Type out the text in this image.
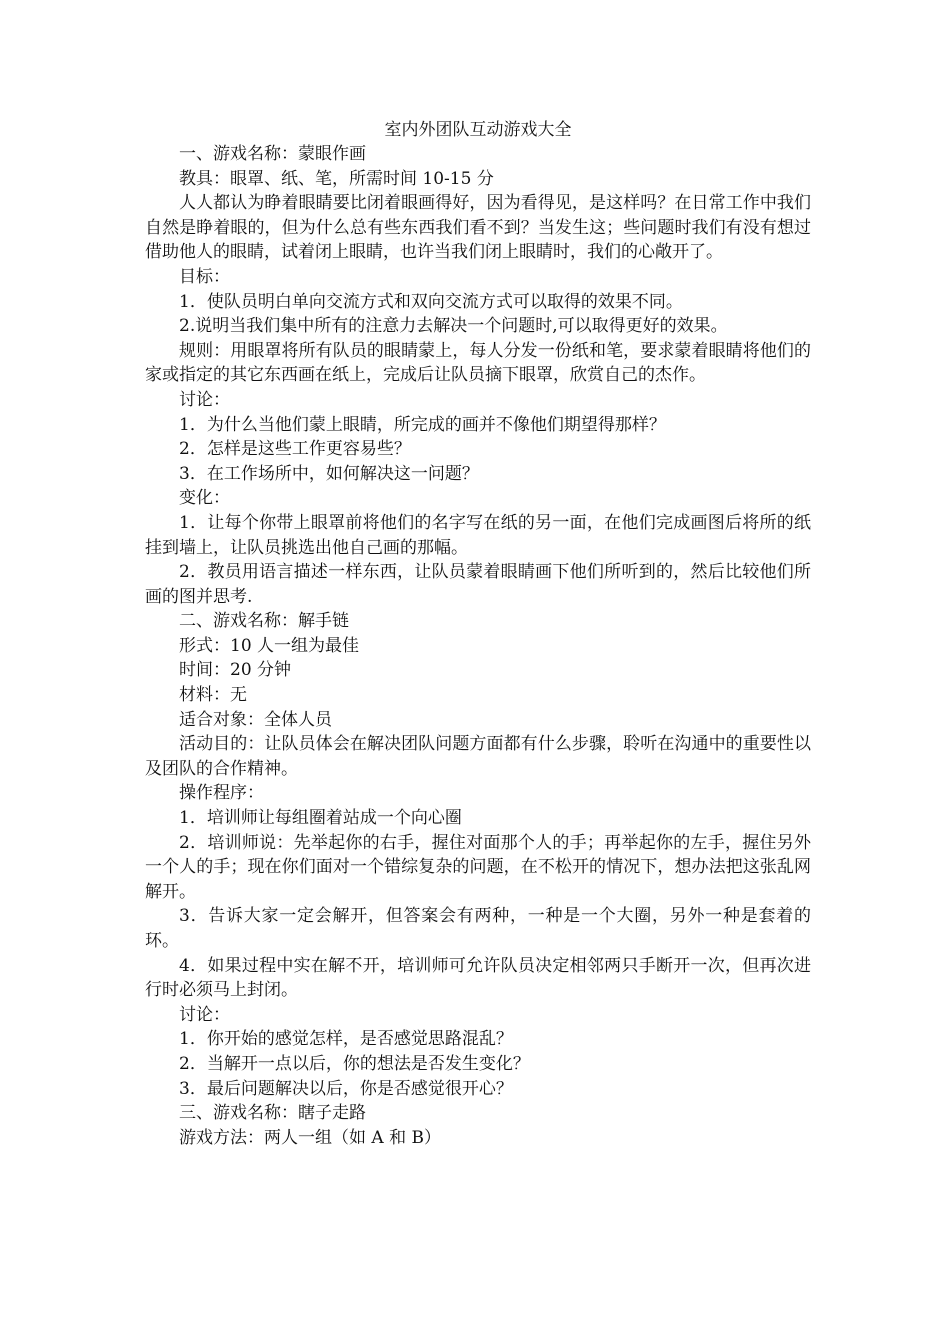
室内外团队互动游戏大全

一、游戏名称：蒙眼作画

教具：眼罩、纸、笔，所需时间 10-15 分

人人都认为睁着眼睛要比闭着眼画得好，因为看得见，是这样吗？在日常工作中我们自然是睁着眼的，但为什么总有些东西我们看不到？当发生这；些问题时我们有没有想过借助他人的眼睛，试着闭上眼睛，也许当我们闭上眼睛时，我们的心敞开了。

目标：

1．使队员明白单向交流方式和双向交流方式可以取得的效果不同。

2.说明当我们集中所有的注意力去解决一个问题时,可以取得更好的效果。

规则：用眼罩将所有队员的眼睛蒙上，每人分发一份纸和笔，要求蒙着眼睛将他们的家或指定的其它东西画在纸上，完成后让队员摘下眼罩，欣赏自己的杰作。

讨论：

1．为什么当他们蒙上眼睛，所完成的画并不像他们期望得那样？

2．怎样是这些工作更容易些？

3．在工作场所中，如何解决这一问题？

变化：

1．让每个你带上眼罩前将他们的名字写在纸的另一面，在他们完成画图后将所的纸挂到墙上，让队员挑选出他自己画的那幅。

2．教员用语言描述一样东西，让队员蒙着眼睛画下他们所听到的，然后比较他们所画的图并思考.

二、游戏名称：解手链

形式：10 人一组为最佳

时间：20 分钟

材料：无

适合对象：全体人员

活动目的：让队员体会在解决团队问题方面都有什么步骤，聆听在沟通中的重要性以及团队的合作精神。

操作程序：

1．培训师让每组圈着站成一个向心圈

2．培训师说：先举起你的右手，握住对面那个人的手；再举起你的左手，握住另外一个人的手；现在你们面对一个错综复杂的问题，在不松开的情况下，想办法把这张乱网解开。

3．告诉大家一定会解开，但答案会有两种，一种是一个大圈，另外一种是套着的环。

4．如果过程中实在解不开，培训师可允许队员决定相邻两只手断开一次，但再次进行时必须马上封闭。

讨论：

1．你开始的感觉怎样，是否感觉思路混乱？

2．当解开一点以后，你的想法是否发生变化？

3．最后问题解决以后，你是否感觉很开心？

三、游戏名称：瞎子走路

游戏方法：两人一组（如 A 和 B）
